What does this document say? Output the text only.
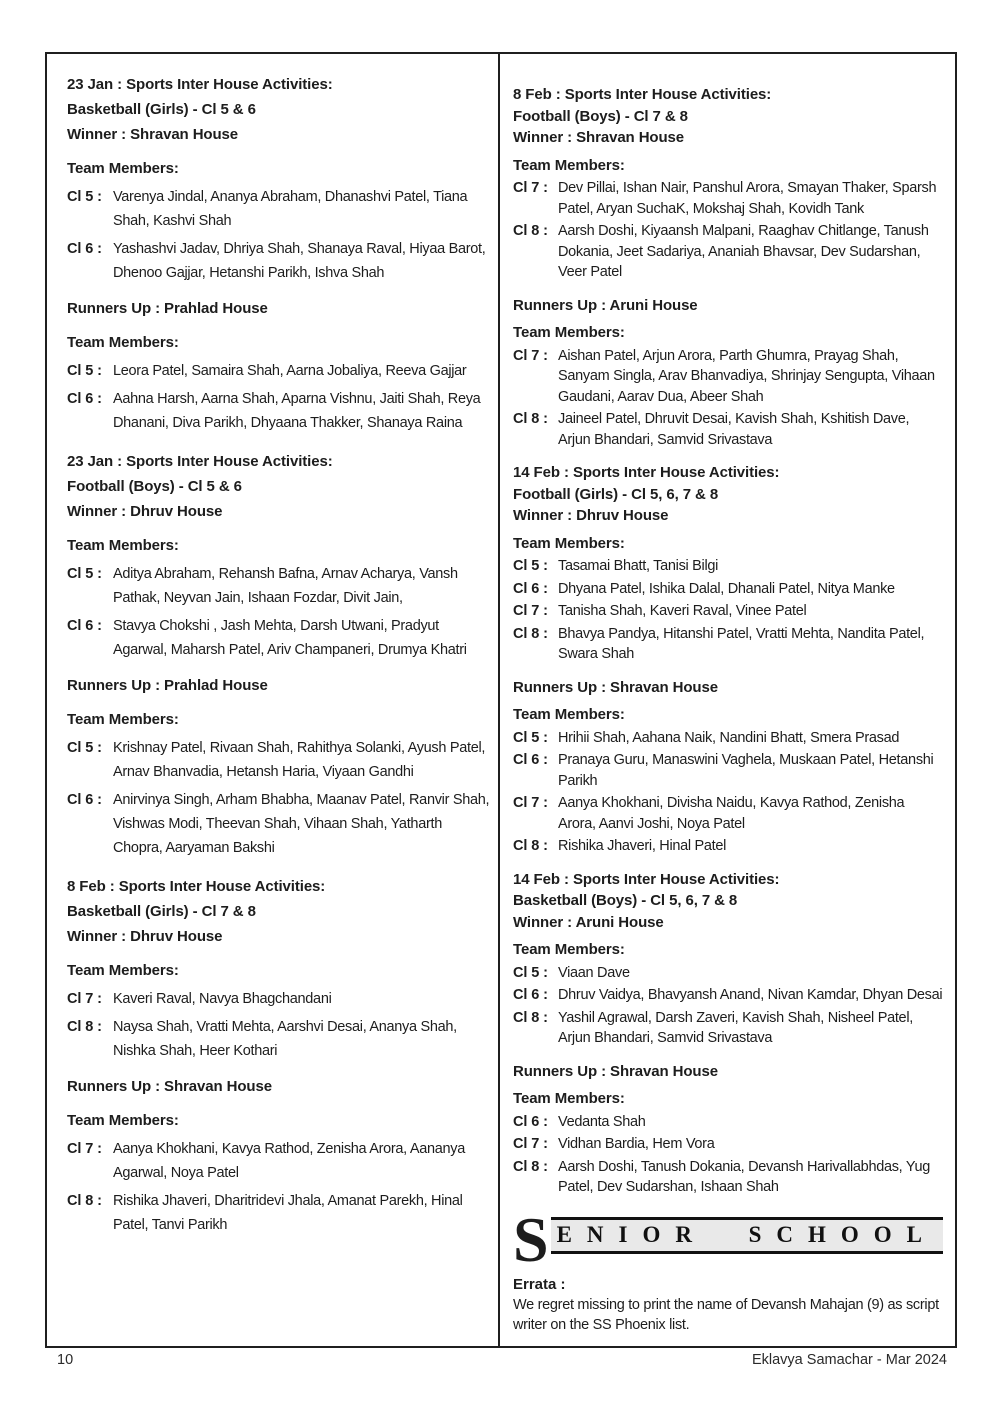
23 Jan : Sports Inter House Activities:
Basketball (Girls) - Cl 5 & 6
Winner : Shravan House
Team Members:
Cl 5 : Varenya Jindal, Ananya Abraham, Dhanashvi Patel, Tiana Shah, Kashvi Shah
Cl 6 : Yashashvi Jadav, Dhriya Shah, Shanaya Raval, Hiyaa Barot, Dhenoo Gajjar, Hetanshi Parikh, Ishva Shah
Runners Up : Prahlad House
Team Members:
Cl 5 : Leora Patel, Samaira Shah, Aarna Jobaliya, Reeva Gajjar
Cl 6 : Aahna Harsh, Aarna Shah, Aparna Vishnu, Jaiti Shah, Reya Dhanani, Diva Parikh, Dhyaana Thakker, Shanaya Raina
23 Jan : Sports Inter House Activities:
Football (Boys) - Cl 5 & 6
Winner : Dhruv House
Team Members:
Cl 5 : Aditya Abraham, Rehansh Bafna, Arnav Acharya, Vansh Pathak, Neyvan Jain, Ishaan Fozdar, Divit Jain,
Cl 6 : Stavya Chokshi , Jash Mehta, Darsh Utwani, Pradyut Agarwal, Maharsh Patel, Ariv Champaneri, Drumya Khatri
Runners Up : Prahlad House
Team Members:
Cl 5 : Krishnay Patel, Rivaan Shah, Rahithya Solanki, Ayush Patel, Arnav Bhanvadia, Hetansh Haria, Viyaan Gandhi
Cl 6 : Anirvinya Singh, Arham Bhabha, Maanav Patel, Ranvir Shah, Vishwas Modi, Theevan Shah, Vihaan Shah, Yatharth Chopra, Aaryaman Bakshi
8 Feb : Sports Inter House Activities:
Basketball (Girls) - Cl 7 & 8
Winner : Dhruv House
Team Members:
Cl 7 : Kaveri Raval, Navya Bhagchandani
Cl 8 : Naysa Shah, Vratti Mehta, Aarshvi Desai, Ananya Shah, Nishka Shah, Heer Kothari
Runners Up : Shravan House
Team Members:
Cl 7 : Aanya Khokhani, Kavya Rathod, Zenisha Arora, Aananya Agarwal, Noya Patel
Cl 8 : Rishika Jhaveri, Dharitridevi Jhala, Amanat Parekh, Hinal Patel, Tanvi Parikh
8 Feb : Sports Inter House Activities:
Football (Boys) - Cl 7 & 8
Winner : Shravan House
Team Members:
Cl 7 : Dev Pillai, Ishan Nair, Panshul Arora, Smayan Thaker, Sparsh Patel, Aryan SuchaK, Mokshaj Shah, Kovidh Tank
Cl 8 : Aarsh Doshi, Kiyaansh Malpani, Raaghav Chitlange, Tanush Dokania, Jeet Sadariya, Ananiah Bhavsar, Dev Sudarshan, Veer Patel
Runners Up : Aruni House
Team Members:
Cl 7 : Aishan Patel, Arjun Arora, Parth Ghumra, Prayag Shah, Sanyam Singla, Arav Bhanvadiya, Shrinjay Sengupta, Vihaan Gaudani, Aarav Dua, Abeer Shah
Cl 8 : Jaineel Patel, Dhruvit Desai, Kavish Shah, Kshitish Dave, Arjun Bhandari, Samvid Srivastava
14 Feb : Sports Inter House Activities:
Football (Girls) - Cl 5, 6, 7 & 8
Winner : Dhruv House
Team Members:
Cl 5 : Tasamai Bhatt, Tanisi Bilgi
Cl 6 : Dhyana Patel, Ishika Dalal, Dhanali Patel, Nitya Manke
Cl 7 : Tanisha Shah, Kaveri Raval, Vinee Patel
Cl 8 : Bhavya Pandya, Hitanshi Patel, Vratti Mehta, Nandita Patel, Swara Shah
Runners Up : Shravan House
Team Members:
Cl 5 : Hrihii Shah, Aahana Naik, Nandini Bhatt, Smera Prasad
Cl 6 : Pranaya Guru, Manaswini Vaghela, Muskaan Patel, Hetanshi Parikh
Cl 7 : Aanya Khokhani, Divisha Naidu, Kavya Rathod, Zenisha Arora, Aanvi Joshi, Noya Patel
Cl 8 : Rishika Jhaveri, Hinal Patel
14 Feb : Sports Inter House Activities:
Basketball (Boys) - Cl 5, 6, 7 & 8
Winner : Aruni House
Team Members:
Cl 5 : Viaan Dave
Cl 6 : Dhruv Vaidya, Bhavyansh Anand, Nivan Kamdar, Dhyan Desai
Cl 8 : Yashil Agrawal, Darsh Zaveri, Kavish Shah, Nisheel Patel, Arjun Bhandari, Samvid Srivastava
Runners Up : Shravan House
Team Members:
Cl 6 : Vedanta Shah
Cl 7 : Vidhan Bardia, Hem Vora
Cl 8 : Aarsh Doshi, Tanush Dokania, Devansh Harivallabhdas, Yug Patel, Dev Sudarshan, Ishaan Shah
S ENIOR SCHOOL
Errata :
We regret missing to print the name of Devansh Mahajan (9) as script writer on the SS Phoenix list.
10	Eklavya Samachar - Mar 2024
